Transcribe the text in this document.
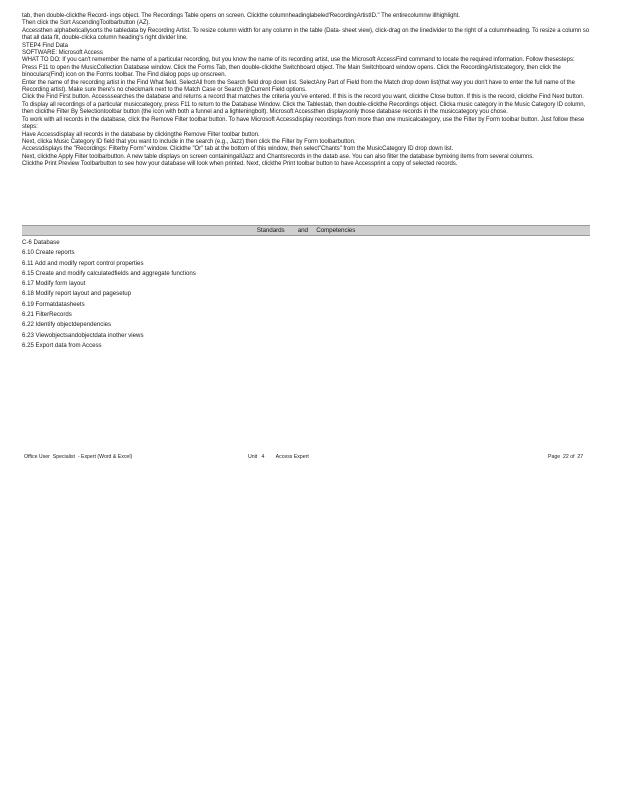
tab, then double-clickthe Record- ings object. The Recordings Table opens on screen. Clickthe columnheadinglabeled'RecordingArtistID." The entirecolumnw illhighlight.
Then click the Sort AscendingToolbarbutton (AZ).
Accessthen alphabeticallysorts the tabledata by Recording Artist. To resize column width for any column in the table (Data- sheet view), click-drag on the linedivider to the right of a columnheading. To resize a column so that all data fit, double-clicka column heading's right divider line.
STEP4 Find Data
SOFTWARE: Microsoft Access
WHAT TO DO: If you can't remember the name of a particular recording, but you know the name of its recording artist, use the Microsoft AccessFind command to locate the required information. Follow thesesteps:
Press F11 to open the MusicCollection Database window. Click the Forms Tab, then double-clickthe Switchboard object. The Main Switchboard window opens. Click the RecordingArtistcategory, then click the binoculars(Find) icon on the Forms toolbar. The Find dialog pops up onscreen.
Enter the name of the recording artist in the Find What field. SelectAll from the Search field drop down list. SelectAny Part of Field from the Match drop down list(that way you don't have to enter the full name of the Recording artist). Make sure there's no checkmark next to the Match Case or Search @Current Field options.
Click the Find First button. Accesssearches the database and returns a record that matches the criteria you've entered. If this is the record you want, clickthe Close button. If this is the record, clickthe Find Next button.
To display all recordings of a particular musiccategory, press F11 to return to the Database Window. Click the Tablestab, then double-clickthe Recordings object. Clicka music category in the Music Category ID column, then clickthe Filter By Selectiontoolbar button (the icon with both a funnel and a lighteningbolt). Microsoft Accessthen displaysonly those database records in the musiccategory you chose.
To work with all records in the database, click the Remove Filter toolbar button. To have Microsoft Accessdisplay recordings from more than one musicalcategory, use the Filter by Form toolbar button. Just follow these steps:
Have Accessdisplay all records in the database by clickingthe Remove Filter toolbar button.
Next, clicka Music Category ID field that you want to include in the search (e.g., Jazz) then click the Filter by Form toolbarbutton.
Accessdisplays the "Recordings: Filterby Form" window. Clickthe "Or" tab at the bottom of this window, then select"Chants" from the MusicCategory ID drop down list.
Next, clickthe Apply Filter toolbarbutton. A new table displays on screen containingallJazz and Chantsrecords in the datab ase. You can also filter the database bymixing items from several columns.
Clickthe Print Preview Toolbarbutton to see how your database will look when printed. Next, clickthe Print toolbar button to have Accessprint a copy of selected records.
Standards        and     Competencies
C-6 Database
6.10 Create reports
6.11 Add and modify report control properties
6.15 Create and modify calculatedfields and aggregate functions
6.17 Modify form layout
6.18 Modify report layout and pagesetup
6.19 Formatdatasheets
6.21 FilterRecords
6.22 Identify objectdependencies
6.23 Viewobjectsandobjectdata inother views
6.25 Export data from Access
Office User  Specialist  - Expert (Word & Excel)	Unit   4        Access Expert	Page  22 of  27
